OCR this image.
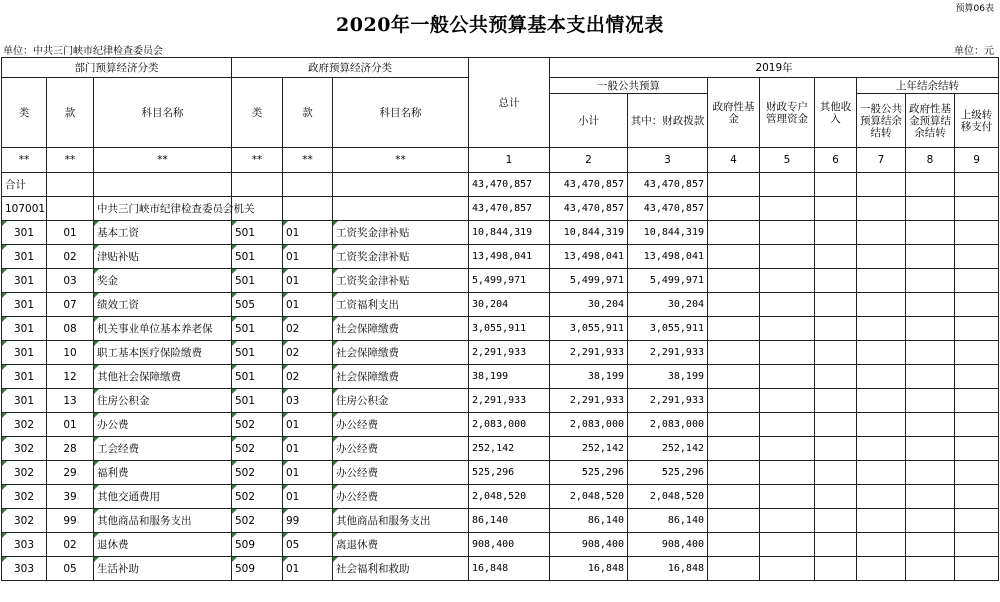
预算06表
2020年一般公共预算基本支出情况表
单位：中共三门峡市纪律检查委员会	单位：元
部门预算经济分类			政府预算经济分类			总计	2019年							
类	款	科目名称	类	款	科目名称		一般公共预算		政府性基金	财政专户管理资金	其他收入	上年结余结转		
							小计	其中：财政拨款				一般公共预算结余结转	政府性基金预算结余结转	上级转移支付
**	**	**	**	**	**	1	2	3	4	5	6	7	8	9
合计						43,470,857	43,470,857	43,470,857						
107001		中共三门峡市纪律检查委员会机关				43,470,857	43,470,857	43,470,857						
301	01	基本工资	501	01	工资奖金津补贴	10,844,319	10,844,319	10,844,319						
301	02	津贴补贴	501	01	工资奖金津补贴	13,498,041	13,498,041	13,498,041						
301	03	奖金	501	01	工资奖金津补贴	5,499,971	5,499,971	5,499,971						
301	07	绩效工资	505	01	工资福利支出	30,204	30,204	30,204						
301	08	机关事业单位基本养老保	501	02	社会保障缴费	3,055,911	3,055,911	3,055,911						
301	10	职工基本医疗保险缴费	501	02	社会保障缴费	2,291,933	2,291,933	2,291,933						
301	12	其他社会保障缴费	501	02	社会保障缴费	38,199	38,199	38,199						
301	13	住房公积金	501	03	住房公积金	2,291,933	2,291,933	2,291,933						
302	01	办公费	502	01	办公经费	2,083,000	2,083,000	2,083,000						
302	28	工会经费	502	01	办公经费	252,142	252,142	252,142						
302	29	福利费	502	01	办公经费	525,296	525,296	525,296						
302	39	其他交通费用	502	01	办公经费	2,048,520	2,048,520	2,048,520						
302	99	其他商品和服务支出	502	99	其他商品和服务支出	86,140	86,140	86,140						
303	02	退休费	509	05	离退休费	908,400	908,400	908,400						
303	05	生活补助	509	01	社会福利和救助	16,848	16,848	16,848						
